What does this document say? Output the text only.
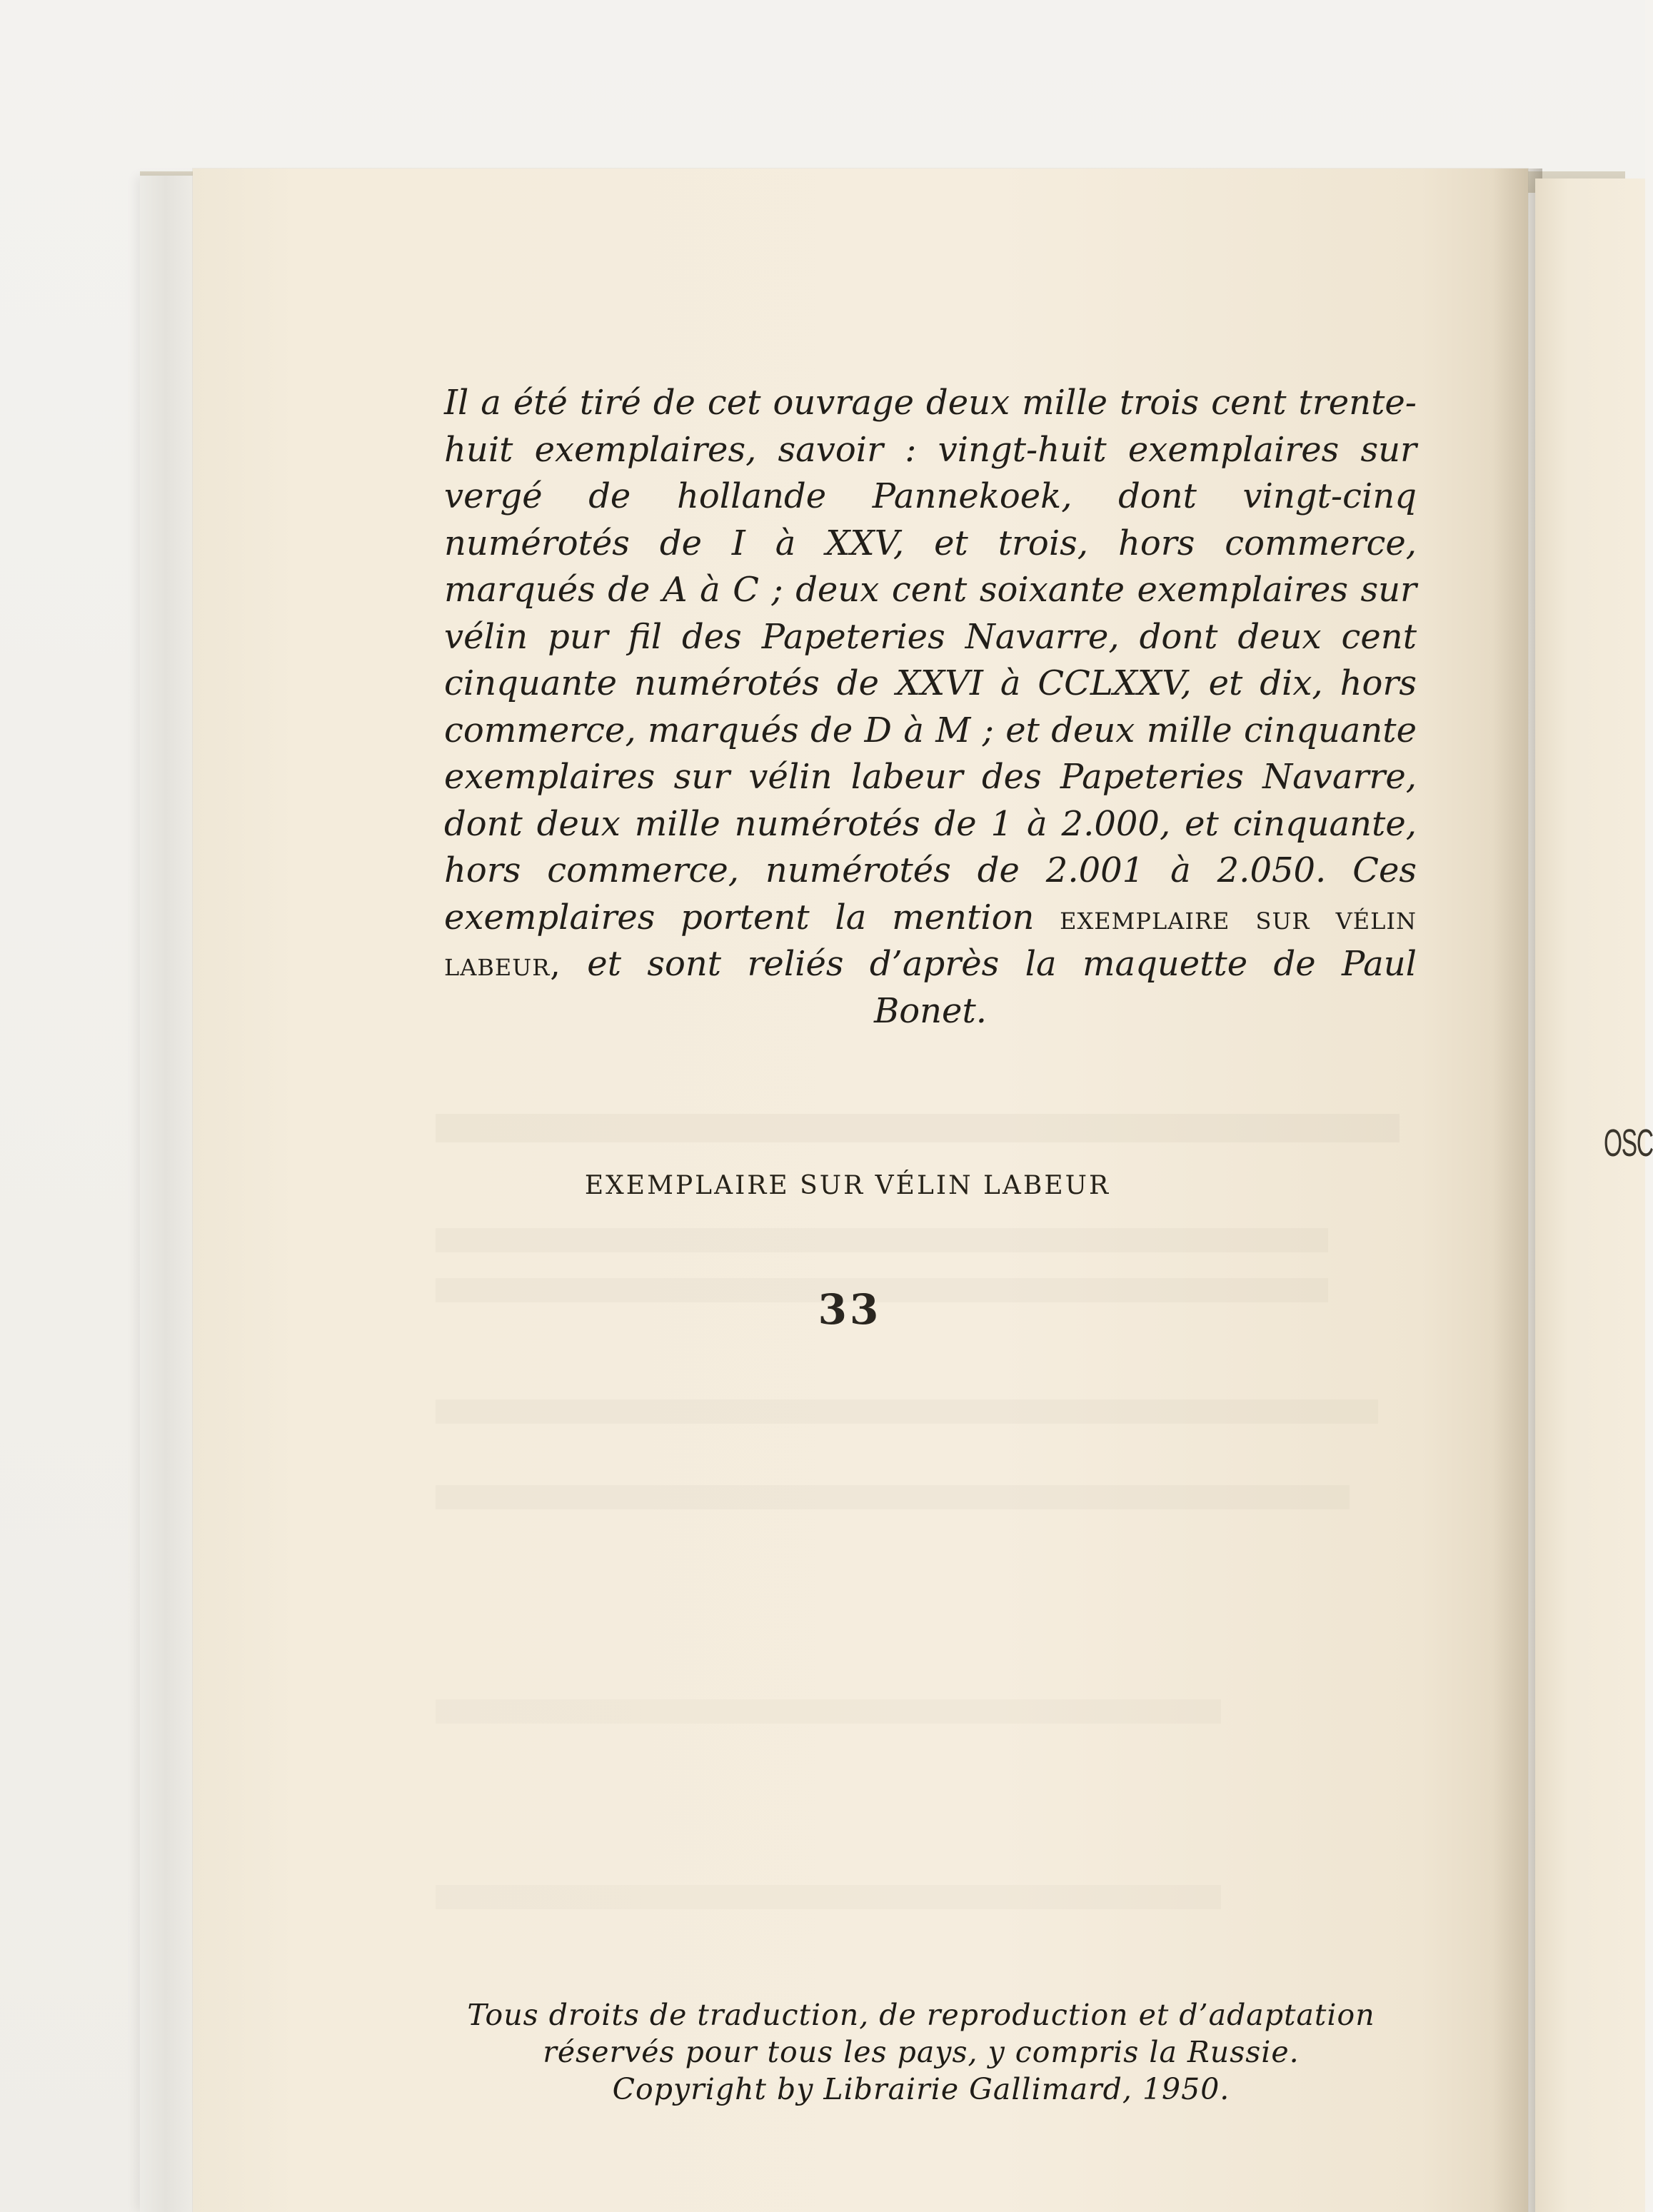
OSC
Il a été tiré de cet ouvrage deux mille trois cent trente-huit exemplaires, savoir : vingt-huit exemplaires sur vergé de hollande Pannekoek, dont vingt-cinq numérotés de I à XXV, et trois, hors commerce, marqués de A à C ; deux cent soixante exemplaires sur vélin pur fil des Papeteries Navarre, dont deux cent cinquante numérotés de XXVI à CCLXXV, et dix, hors commerce, marqués de D à M ; et deux mille cinquante exemplaires sur vélin labeur des Papeteries Navarre, dont deux mille numérotés de 1 à 2.000, et cinquante, hors commerce, numérotés de 2.001 à 2.050. Ces exemplaires portent la mention exemplaire sur vélin labeur, et sont reliés d’après la maquette de Paul Bonet.
EXEMPLAIRE SUR VÉLIN LABEUR
33
Tous droits de traduction, de reproduction et d’adaptation
réservés pour tous les pays, y compris la Russie.
Copyright by Librairie Gallimard, 1950.
